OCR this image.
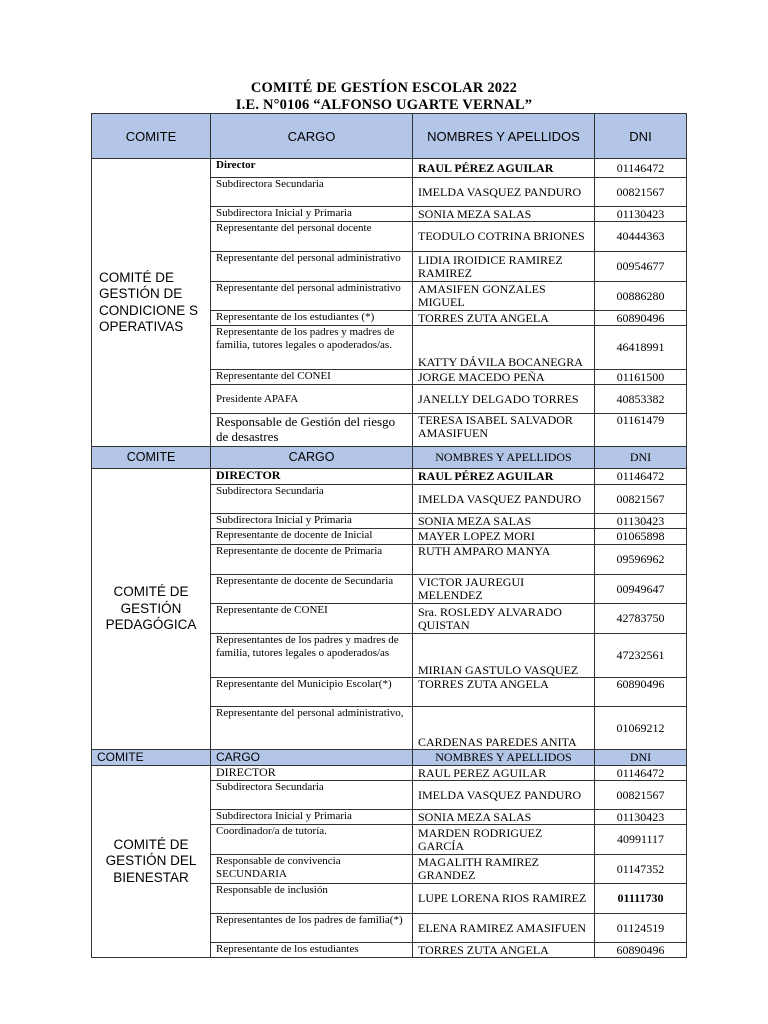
COMITÉ DE GESTÍON ESCOLAR 2022
I.E. N°0106 “ALFONSO UGARTE VERNAL”
COMITE	CARGO	NOMBRES Y APELLIDOS	DNI
COMITÉ DE GESTIÓN DE CONDICIONE S OPERATIVAS	Director	RAUL PÉREZ AGUILAR	01146472
	Subdirectora Secundaria	IMELDA VASQUEZ PANDURO	00821567
	Subdirectora Inicial y Primaria	SONIA MEZA SALAS	01130423
	Representante del personal docente	TEODULO COTRINA BRIONES	40444363
	Representante del personal administrativo	LIDIA IROIDICE RAMIREZ RAMIREZ	00954677
	Representante del personal administrativo	AMASIFEN GONZALES MIGUEL	00886280
	Representante de los estudiantes (*)	TORRES ZUTA ANGELA	60890496
	Representante de los padres y madres de familia, tutores legales o apoderados/as.	KATTY DÁVILA BOCANEGRA	46418991
	Representante del CONEI	JORGE MACEDO PEÑA	01161500
	Presidente APAFA	JANELLY DELGADO TORRES	40853382
	Responsable de Gestión del riesgo de desastres	TERESA ISABEL SALVADOR AMASIFUEN	01161479
COMITE	CARGO	NOMBRES Y APELLIDOS	DNI
COMITÉ DE GESTIÓN PEDAGÓGICA	DIRECTOR	RAUL PÉREZ AGUILAR	01146472
	Subdirectora Secundaria	IMELDA VASQUEZ PANDURO	00821567
	Subdirectora Inicial y Primaria	SONIA MEZA SALAS	01130423
	Representante de docente de Inicial	MAYER LOPEZ MORI	01065898
	Representante de docente de Primaria	RUTH AMPARO MANYA	09596962
	Representante de docente de Secundaria	VICTOR JAUREGUI MELENDEZ	00949647
	Representante de CONEI	Sra. ROSLEDY ALVARADO QUISTAN	42783750
	Representantes de los padres y madres de familia, tutores legales o apoderados/as	MIRIAN GASTULO VASQUEZ	47232561
	Representante del Municipio Escolar(*)	TORRES ZUTA ANGELA	60890496
	Representante del personal administrativo,	CARDENAS PAREDES ANITA	01069212
COMITE	CARGO	NOMBRES Y APELLIDOS	DNI
COMITÉ DE GESTIÓN DEL BIENESTAR	DIRECTOR	RAUL PEREZ AGUILAR	01146472
	Subdirectora Secundaria	IMELDA VASQUEZ PANDURO	00821567
	Subdirectora Inicial y Primaria	SONIA MEZA SALAS	01130423
	Coordinador/a de tutoría.	MARDEN RODRIGUEZ GARCÍA	40991117
	Responsable de convivencia SECUNDARIA	MAGALITH RAMIREZ GRANDEZ	01147352
	Responsable de inclusión	LUPE LORENA RIOS RAMIREZ	01111730
	Representantes de los padres de familia(*)	ELENA RAMIREZ AMASIFUEN	01124519
	Representante de los estudiantes	TORRES ZUTA ANGELA	60890496
